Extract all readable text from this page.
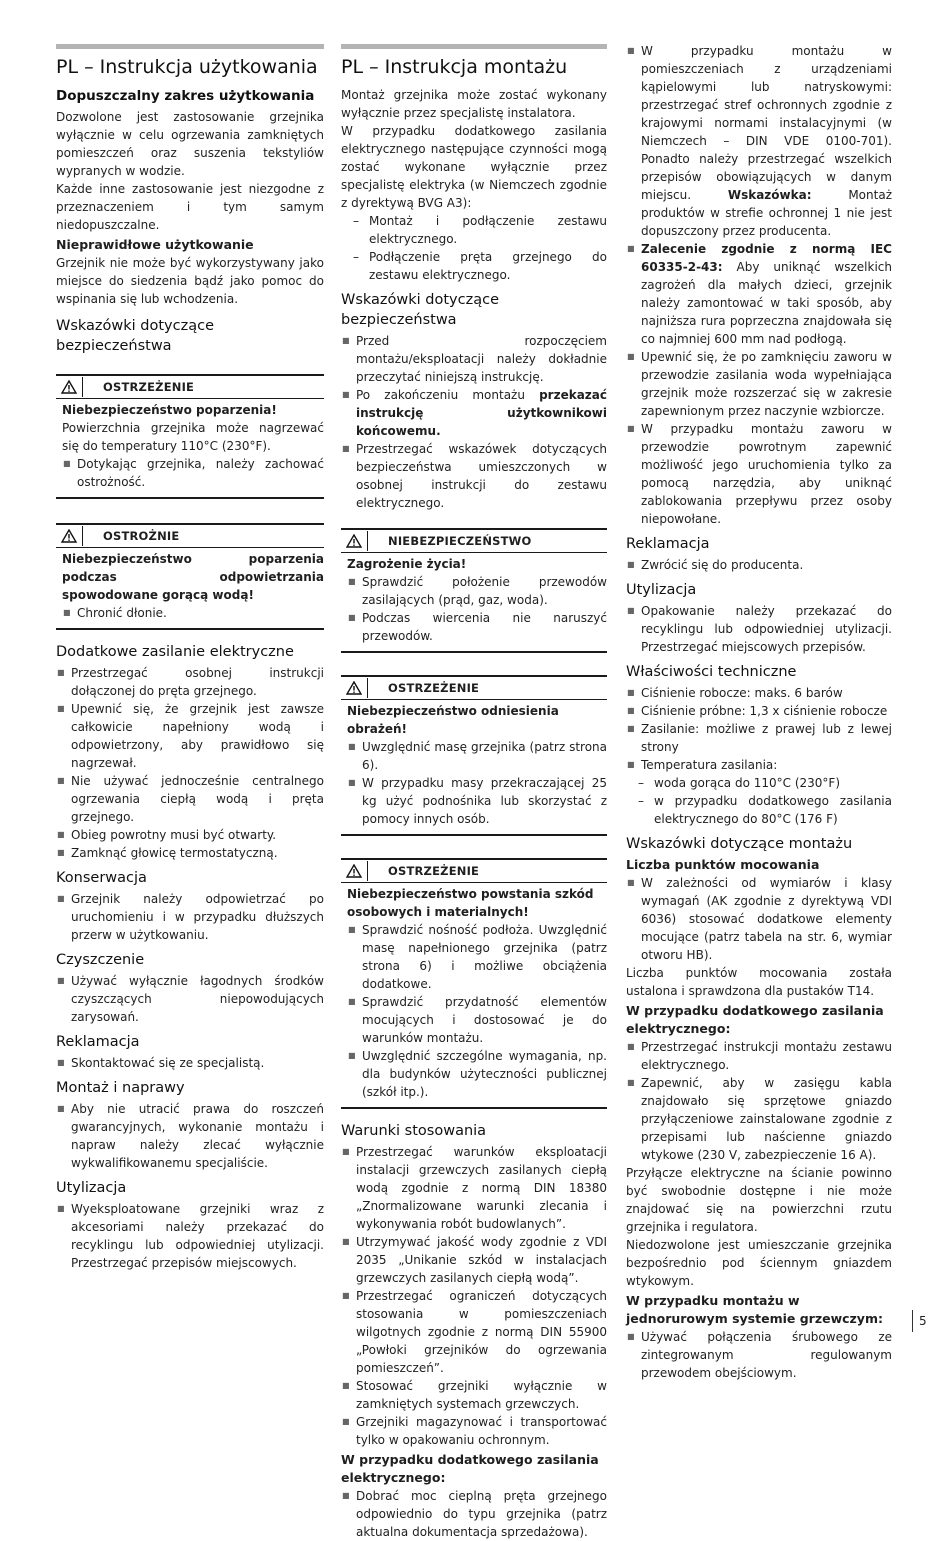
PL – Instrukcja użytkowania
Dopuszczalny zakres użytkowania

Dozwolone jest zastosowanie grzejnika wyłącznie w celu ogrzewania zamkniętych pomieszczeń oraz suszenia tekstyliów wypranych w wodzie.

Każde inne zastosowanie jest niezgodne z przeznaczeniem i tym samym niedopuszczalne.

Nieprawidłowe użytkowanie

Grzejnik nie może być wykorzystywany jako miejsce do siedzenia bądź jako pomoc do wspinania się lub wchodzenia.

Wskazówki dotyczące bezpieczeństwa
OSTRZEŻENIE
Niebezpieczeństwo poparzenia!

Powierzchnia grzejnika może nagrzewać się do temperatury 110°C (230°F).

■ Dotykając grzejnika, należy zachować ostrożność.
OSTROŻNIE
Niebezpieczeństwo poparzenia podczas odpowietrzania spowodowane gorącą wodą!
■ Chronić dłonie.
Dodatkowe zasilanie elektryczne
■ Przestrzegać osobnej instrukcji dołączonej do pręta grzejnego.
■ Upewnić się, że grzejnik jest zawsze całkowicie napełniony wodą i odpowietrzony, aby prawidłowo się nagrzewał.
■ Nie używać jednocześnie centralnego ogrzewania ciepłą wodą i pręta grzejnego.
■ Obieg powrotny musi być otwarty.
■ Zamknąć głowicę termostatyczną.
Konserwacja
■ Grzejnik należy odpowietrzać po uruchomieniu i w przypadku dłuższych przerw w użytkowaniu.
Czyszczenie
■ Używać wyłącznie łagodnych środków czyszczących niepowodujących zarysowań.
Reklamacja
■ Skontaktować się ze specjalistą.
Montaż i naprawy
■ Aby nie utracić prawa do roszczeń gwarancyjnych, wykonanie montażu i napraw należy zlecać wyłącznie wykwalifikowanemu specjaliście.
Utylizacja
■ Wyeksploatowane grzejniki wraz z akcesoriami należy przekazać do recyklingu lub odpowiedniej utylizacji. Przestrzegać przepisów miejscowych.
PL – Instrukcja montażu

Montaż grzejnika może zostać wykonany wyłącznie przez specjalistę instalatora.

W przypadku dodatkowego zasilania elektrycznego następujące czynności mogą zostać wykonane wyłącznie przez specjalistę elektryka (w Niemczech zgodnie z dyrektywą BVG A3):

– Montaż i podłączenie zestawu elektrycznego.
– Podłączenie pręta grzejnego do zestawu elektrycznego.
Wskazówki dotyczące bezpieczeństwa
■ Przed rozpoczęciem montażu/eksploatacji należy dokładnie przeczytać niniejszą instrukcję.
■ Po zakończeniu montażu przekazać instrukcję użytkownikowi końcowemu.
■ Przestrzegać wskazówek dotyczących bezpieczeństwa umieszczonych w osobnej instrukcji do zestawu elektrycznego.
NIEBEZPIECZEŃSTWO
Zagrożenie życia!
■ Sprawdzić położenie przewodów zasilających (prąd, gaz, woda).
■ Podczas wiercenia nie naruszyć przewodów.
OSTRZEŻENIE
Niebezpieczeństwo odniesienia obrażeń!
■ Uwzględnić masę grzejnika (patrz strona 6).
■ W przypadku masy przekraczającej 25 kg użyć podnośnika lub skorzystać z pomocy innych osób.
OSTRZEŻENIE
Niebezpieczeństwo powstania szkód osobowych i materialnych!
■ Sprawdzić nośność podłoża. Uwzględnić masę napełnionego grzejnika (patrz strona 6) i możliwe obciążenia dodatkowe.
■ Sprawdzić przydatność elementów mocujących i dostosować je do warunków montażu.
■ Uwzględnić szczególne wymagania, np. dla budynków użyteczności publicznej (szkół itp.).
Warunki stosowania
■ Przestrzegać warunków eksploatacji instalacji grzewczych zasilanych ciepłą wodą zgodnie z normą DIN 18380 „Znormalizowane warunki zlecania i wykonywania robót budowlanych”.
■ Utrzymywać jakość wody zgodnie z VDI 2035 „Unikanie szkód w instalacjach grzewczych zasilanych ciepłą wodą”.
■ Przestrzegać ograniczeń dotyczących stosowania w pomieszczeniach wilgotnych zgodnie z normą DIN 55900 „Powłoki grzejników do ogrzewania pomieszczeń”.
■ Stosować grzejniki wyłącznie w zamkniętych systemach grzewczych.
■ Grzejniki magazynować i transportować tylko w opakowaniu ochronnym.
W przypadku dodatkowego zasilania elektrycznego:
■ Dobrać moc cieplną pręta grzejnego odpowiednio do typu grzejnika (patrz aktualna dokumentacja sprzedażowa).
■ W przypadku montażu w pomieszczeniach z urządzeniami kąpielowymi lub natryskowymi: przestrzegać stref ochronnych zgodnie z krajowymi normami instalacyjnymi (w Niemczech – DIN VDE 0100-701). Ponadto należy przestrzegać wszelkich przepisów obowiązujących w danym miejscu. Wskazówka: Montaż produktów w strefie ochronnej 1 nie jest dopuszczony przez producenta.
■ Zalecenie zgodnie z normą IEC 60335-2-43: Aby uniknąć wszelkich zagrożeń dla małych dzieci, grzejnik należy zamontować w taki sposób, aby najniższa rura poprzeczna znajdowała się co najmniej 600 mm nad podłogą.
■ Upewnić się, że po zamknięciu zaworu w przewodzie zasilania woda wypełniająca grzejnik może rozszerzać się w zakresie zapewnionym przez naczynie wzbiorcze.
■ W przypadku montażu zaworu w przewodzie powrotnym zapewnić możliwość jego uruchomienia tylko za pomocą narzędzia, aby uniknąć zablokowania przepływu przez osoby niepowołane.
Reklamacja
■ Zwrócić się do producenta.
Utylizacja
■ Opakowanie należy przekazać do recyklingu lub odpowiedniej utylizacji. Przestrzegać miejscowych przepisów.
Właściwości techniczne
■ Ciśnienie robocze: maks. 6 barów
■ Ciśnienie próbne: 1,3 x ciśnienie robocze
■ Zasilanie: możliwe z prawej lub z lewej strony
■ Temperatura zasilania:
– woda gorąca do 110°C (230°F)
– w przypadku dodatkowego zasilania elektrycznego do 80°C (176 F)
Wskazówki dotyczące montażu
Liczba punktów mocowania
■ W zależności od wymiarów i klasy wymagań (AK zgodnie z dyrektywą VDI 6036) stosować dodatkowe elementy mocujące (patrz tabela na str. 6, wymiar otworu HB).

Liczba punktów mocowania została ustalona i sprawdzona dla pustaków T14.

W przypadku dodatkowego zasilania elektrycznego:
■ Przestrzegać instrukcji montażu zestawu elektrycznego.
■ Zapewnić, aby w zasięgu kabla znajdowało się sprzętowe gniazdo przyłączeniowe zainstalowane zgodnie z przepisami lub naścienne gniazdo wtykowe (230 V, zabezpieczenie 16 A).

Przyłącze elektryczne na ścianie powinno być swobodnie dostępne i nie może znajdować się na powierzchni rzutu grzejnika i regulatora.

Niedozwolone jest umieszczanie grzejnika bezpośrednio pod ściennym gniazdem wtykowym.

W przypadku montażu w jednorurowym systemie grzewczym:
■ Używać połączenia śrubowego ze zintegrowanym regulowanym przewodem obejściowym.
5
